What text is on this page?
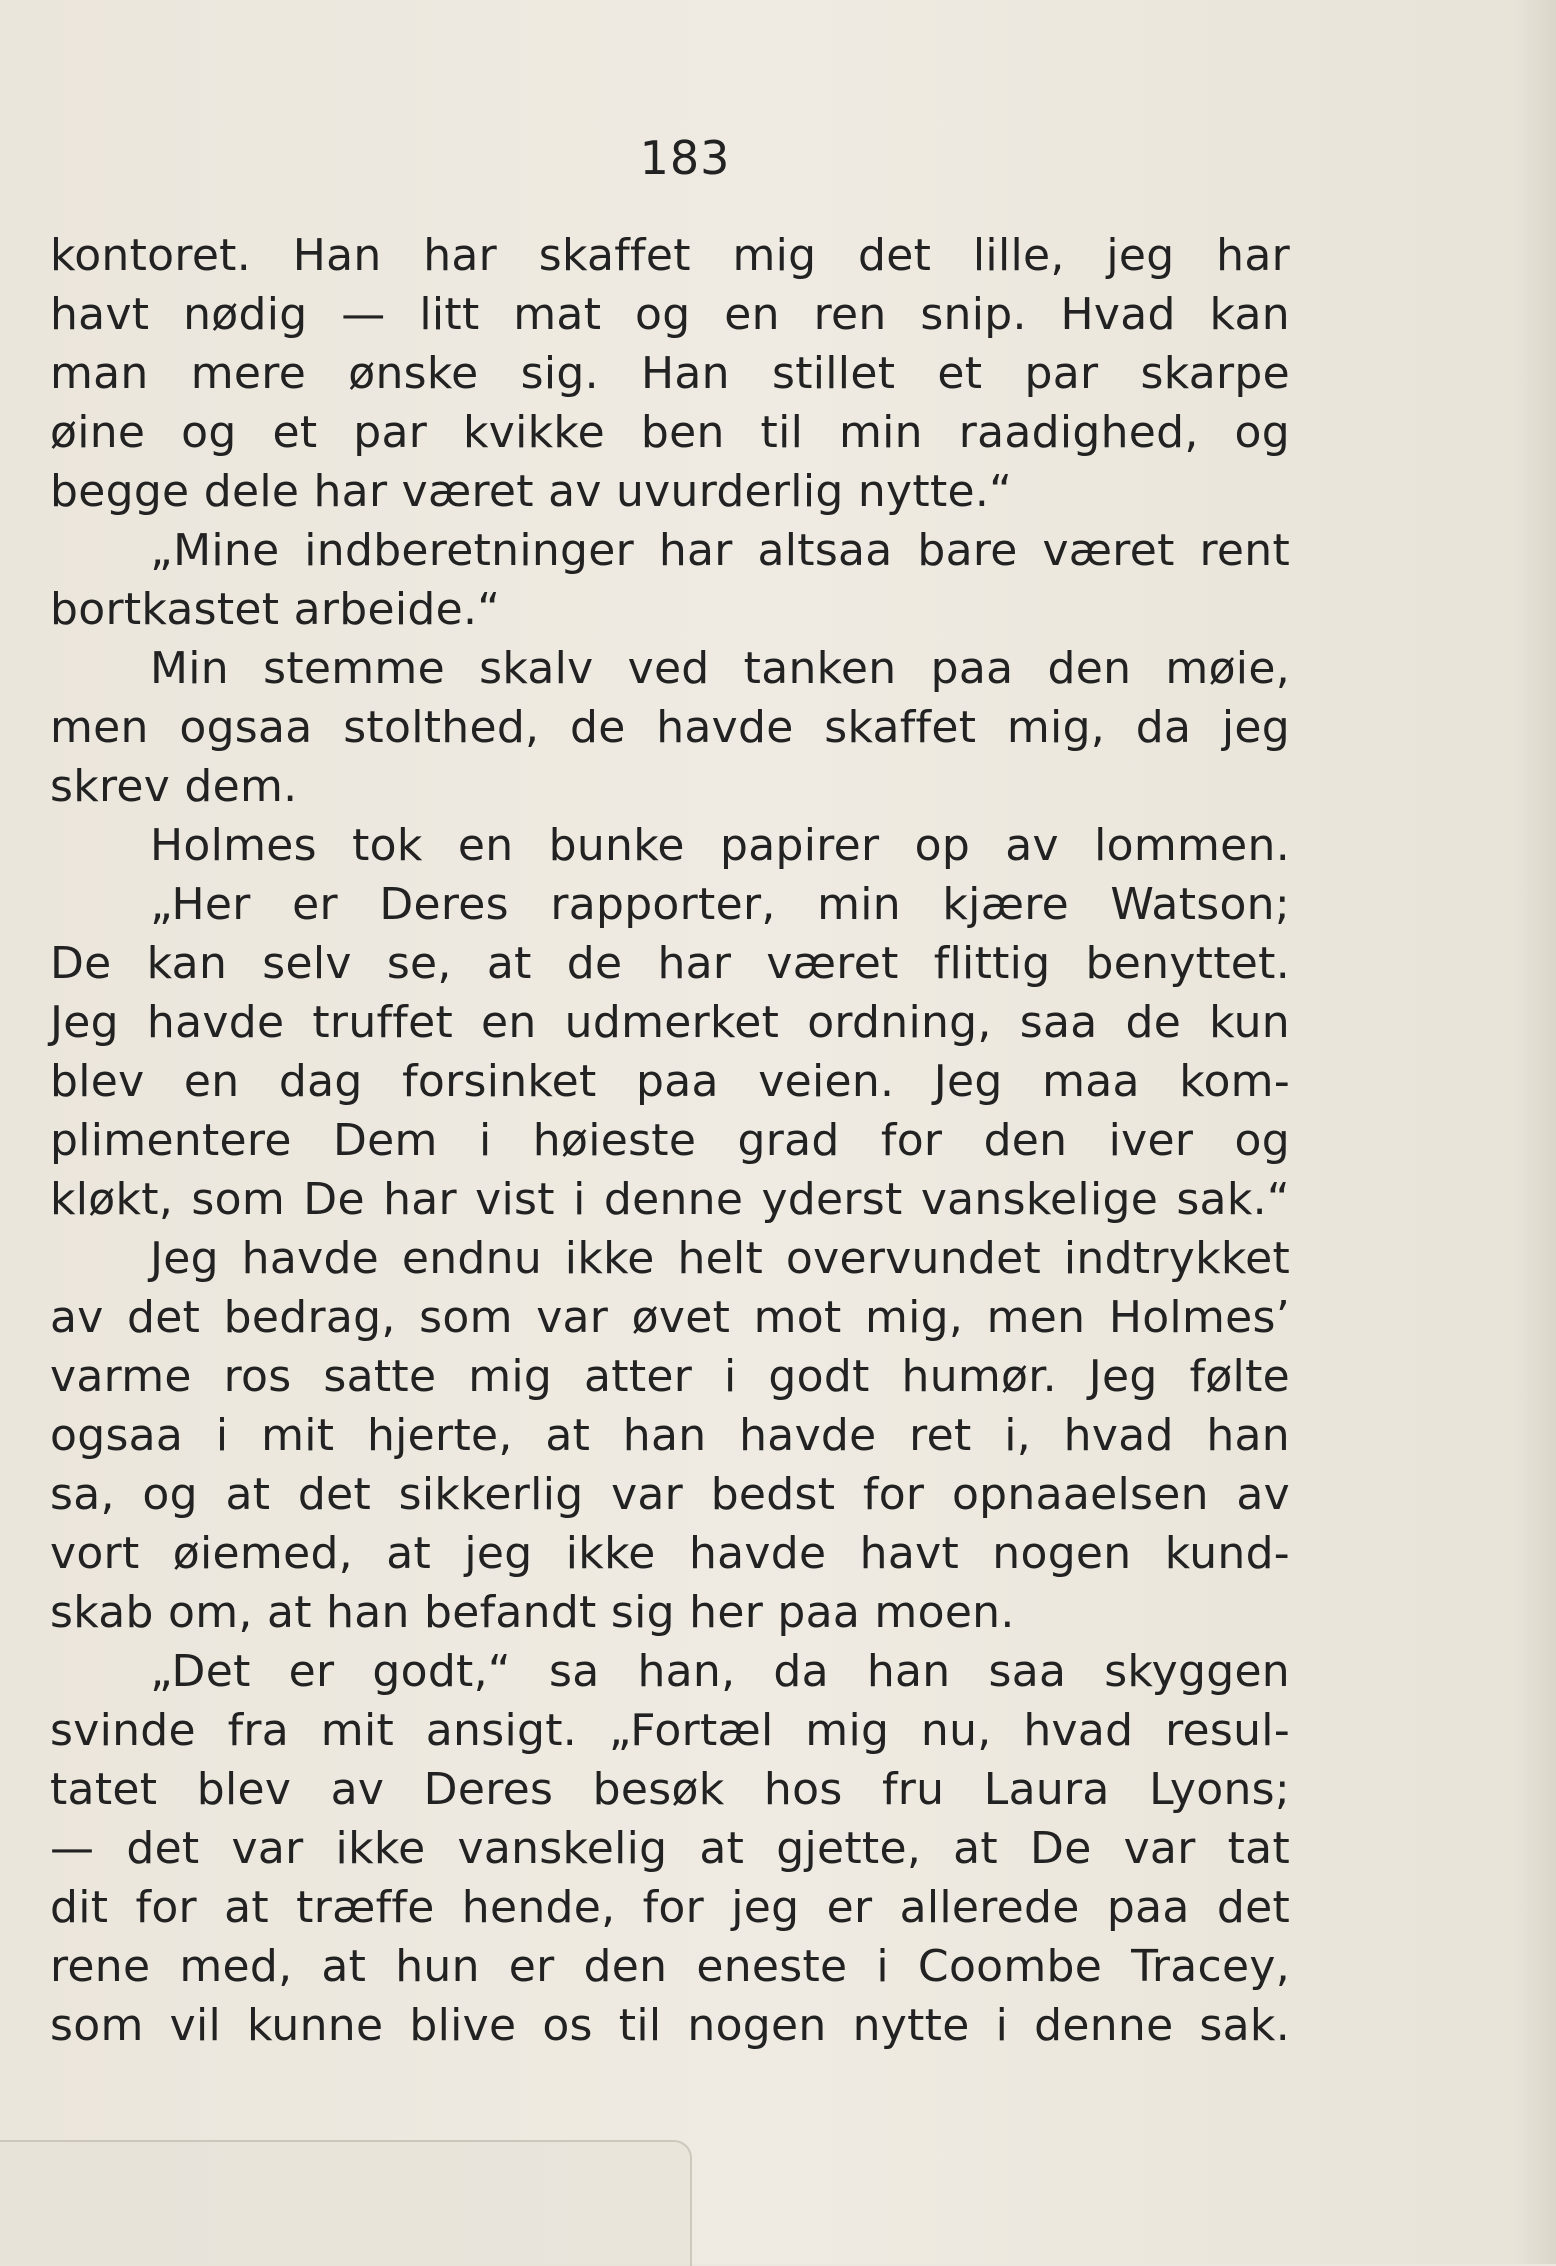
183
kontoret. Han har skaffet mig det lille, jeg har
havt nødig — litt mat og en ren snip. Hvad kan
man mere ønske sig. Han stillet et par skarpe
øine og et par kvikke ben til min raadighed, og
begge dele har været av uvurderlig nytte.“
„Mine indberetninger har altsaa bare været rent
bortkastet arbeide.“
Min stemme skalv ved tanken paa den møie,
men ogsaa stolthed, de havde skaffet mig, da jeg
skrev dem.
Holmes tok en bunke papirer op av lommen.
„Her er Deres rapporter, min kjære Watson;
De kan selv se, at de har været flittig benyttet.
Jeg havde truffet en udmerket ordning, saa de kun
blev en dag forsinket paa veien. Jeg maa kom-
plimentere Dem i høieste grad for den iver og
kløkt, som De har vist i denne yderst vanskelige sak.“
Jeg havde endnu ikke helt overvundet indtrykket
av det bedrag, som var øvet mot mig, men Holmes’
varme ros satte mig atter i godt humør. Jeg følte
ogsaa i mit hjerte, at han havde ret i, hvad han
sa, og at det sikkerlig var bedst for opnaaelsen av
vort øiemed, at jeg ikke havde havt nogen kund-
skab om, at han befandt sig her paa moen.
„Det er godt,“ sa han, da han saa skyggen
svinde fra mit ansigt. „Fortæl mig nu, hvad resul-
tatet blev av Deres besøk hos fru Laura Lyons;
— det var ikke vanskelig at gjette, at De var tat
dit for at træffe hende, for jeg er allerede paa det
rene med, at hun er den eneste i Coombe Tracey,
som vil kunne blive os til nogen nytte i denne sak.
